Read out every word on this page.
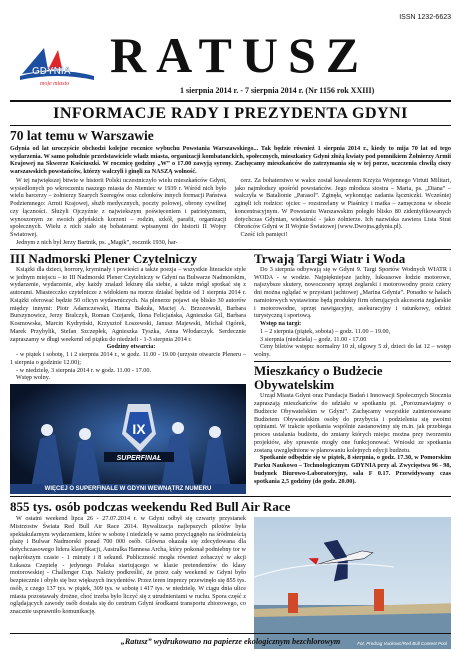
GDYNIA
moje miasto
ISSN 1232-6623
RATUSZ
1 sierpnia 2014 r. - 7 sierpnia 2014 r. (Nr 1156 rok XXIII)
INFORMACJE RADY I PREZYDENTA GDYNI
70 lat temu w Warszawie

Gdynia od lat uroczyście obchodzi kolejne rocznice wybuchu Powstania Warszawskiego... Tak będzie również 1 sierpnia 2014 r., kiedy to mija 70 lat od tego wydarzenia. W samo południe przedstawiciele władz miasta, organizacji kombatanckich, społecznych, mieszkańcy Gdyni złożą kwiaty pod pomnikiem Żołnierzy Armii Krajowej na Skwerze Kościuszki. W rocznicę godziny „W” o 17.00 zawyją syreny. Zachęcamy mieszkańców do zatrzymania się w tej porze, uczczenia chwilą ciszy warszawskich powstańców, którzy walczyli i ginęli za NASZĄ wolność.

W tej największej bitwie w historii Polski uczestniczyło wielu mieszkańców Gdyni, wysiedlonych po wkroczeniu naszego miasta do Niemiec w 1939 r. Wśród nich było wielu harcerzy – żołnierzy Szarych Szeregów oraz członków innych formacji Państwa Podziemnego: Armii Krajowej, służb medycznych, poczty polowej, obrony cywilnej czy łączności. Służyli Ojczyźnie z najwiekszym poświęceniem i patriotyzmem, wynoszonym ze swoich gdyńskich korzeni – rodzin, szkół, parafii, organizacji społecznych. Wielu z nich stało się bohaterami wpisanymi do historii II Wojny Światowej.

Jednym z nich był Jerzy Bartnik, ps. „Magik”, rocznik 1930, har-

cerz. Za bohaterstwo w walce został kawalerem Krzyża Wojennego Virtuti Militari, jako najmłodszy spośród powstańców. Jego młodsza siostra – Maria, ps. „Diana” – walczyła w Batalionie „Parasol”. Zginęła, wykonując zadania łączniczki. Wcześniej zginęli ich rodzice: ojciec – rozstrzelany w Piaśnicy i matka – zamęczona w obozie koncentracyjnym. W Powstaniu Warszawskim poległo blisko 80 zidentyfikowanych dotychczas Gdynian, wieksżość - jako żołnierze. Ich nazwiska zawiera Lista Strat Obrońców Gdyni w II Wojnie Światowej (www.Dwojna.gdynia.pl).

Cześć ich pamięci!

III Nadmorski Plener Czytelniczy

Książki dla dzieci, horrory, kryminały i powieści a także poezja – wszystkie literackie style w jednym miejscu – to III Nadmorski Plener Czytelniczy w Gdyni na Bulwarze Nadmorskim, wydarzenie, wydarzenie, aby każdy znalazł lekturę dla siebie, a także mógł spotkać się z autorami. Miastecczko czytelnicze z widokiem na morze działać będzie od 1 sierpnia 2014 r. Książki oferować będzie 50 oficyn wydawniczych. Na plenerze pojawi się blisko 30 autorów między innymi: Piotr Adamczewski, Hanna Bakuła, Maciej A. Brzozowski, Barbara Burszynowicz, Jerzy Bralczyk, Roman Czejarek, Ilona Felicjańska, Agnieszka Gil, Barbara Kosmowska, Marcin Kydryński, Krzysztof Łoszewski, Janusz Majewski, Michał Ogórek, Marek Przybylik, Stefan Szczepłek, Agnieszka Tyszka, Anna Włodarczyk. Serdecznie zapraszamy w długi weekend od piątku do niedzieli - 1-3 sierpnia 2014 r.

Godziny otwarcia:

- w piątek i sobotę, 1 i 2 sierpnia 2014 r., w godz. 11.00 - 19.00 (urzyste otwarcie Pleneru – 1 sierpnia o godzinie 12.00);

- w niedzielę, 3 sierpnia 2014 r. w godz. 11.00 - 17.00.

Wstęp wolny.

IX
SUPERFINAŁ
WIĘCEJ O SUPERFINALE W GDYNI WEWNĄTRZ NUMERU
Trwają Targi Wiatr i Woda

Do 3 sierpnia odbywają się w Gdyni 9. Targi Sportów Wodnych WIATR i WODA - w wodzie. Najpiękniejsze jachty, luksusowe łodzie motorowe, najszybsze skutery, nowoczesny sprzęt żeglarski i motorowodny przez cztery dni można oglądać w przystani jachtowej „Marina Gdynia”. Ponadto w halach namiotowych wystawione będą produkty firm oferujących akcesoria żeglarskie i motorowodne, sprzęt nawigacyjny, asekuracyjny i ratunkowy, odzież turystyczną i sportową.

Wstęp na targi:

1 – 2 sierpnia (piątek, sobota) – godz. 11.00 – 19.00,

3 sierpnia (niedziela) – godz. 11.00 - 17.00

Ceny biletów wstępu: normalny 10 zł, ulgowy 5 zł, dzieci do lat 12 – wstęp wolny.

Mieszkańcy o Budżecie Obywatelskim

Urząd Miasta Gdyni oraz Fundacja Badań i Innowacji Społecznych Stocznia zapraszają mieszkańców do udziału w spotkaniu pt. „Porozmawiajmy o Budżecie Obywatelskim w Gdyni”. Zachęcamy wszystkie zainteresowane Budżetem Obywatelskim osoby do przybycia i podzielenia się swoimi opiniami. W trakcie spotkania wspólnie zastanowimy się m.in. jak przebiega proces ustalania budżetu, do zmiany których miejsc można przy tworzeniu projektów, aby sprawnie mogły one funkcjonować. Wnioski ze spotkania zostaną uwzględnione w planowaniu kolejnych edycji budżetu.

Spotkanie odbędzie się w piątek, 8 sierpnia, o godz. 17.30, w Pomorskim Parku Naukowo – Technologicznym GDYNIA przy al. Zwycięstwa 96 - 98, budynek Biurowo-Laboratoryjny, sala F 0.17. Przewidywany czas spotkania 2,5 godziny (do godz. 20.00).

855 tys. osób podczas weekendu Red Bull Air Race

W ostatni weekend lipca 26 - 27.07.2014 r. w Gdyni odbył się czwarty przystanek Mistrzostw Świata Red Bull Air Race 2014. Rywalizacja najlepszych pilotów była spektakularnym wydarzeniem, które w sobotę i niedzielę w samo przyciągnęło na śródmieścią plażę i Bulwar Nadmorski ponad 700 000 osób. Główna okazała się zdecydowana dla dotychczasowego lidera klasyfikacji, Australka Hannesa Archa, który pokonał podniebny tor w najkrótszym czasie - 1 minuty i 8 sekund. Publiczność mogła również zobaczyć w akcji Łukasza Czepielę - jedynego Polaka startującego w klasie pretendentów do klasy motorowskiej - Challenger Cup. Należy podkreślić, że przez cały weekend w Gdyni było bezpiecznie i obyło się bez większych incydentów. Przez teren imprezy przewinęło się 855 tys. osób, z czego 137 tys. w piątek, 309 tys. w sobotę i 417 tys. w niedzielę. W ciągu dnia ulice miasta pozostawały drożne, choć trzeba było liczyć się z utrudnieniami w ruchu. Spora część z oglądających zawody osób dostała się do centrum Gdyni środkami transportu zbiorowego, co znacznie usprawniło komunikację.

Fot. Predrag Vuckovic/Red Bull Content Pool
„Ratusz” wydrukowano na papierze ekologicznym bezchlorowym
